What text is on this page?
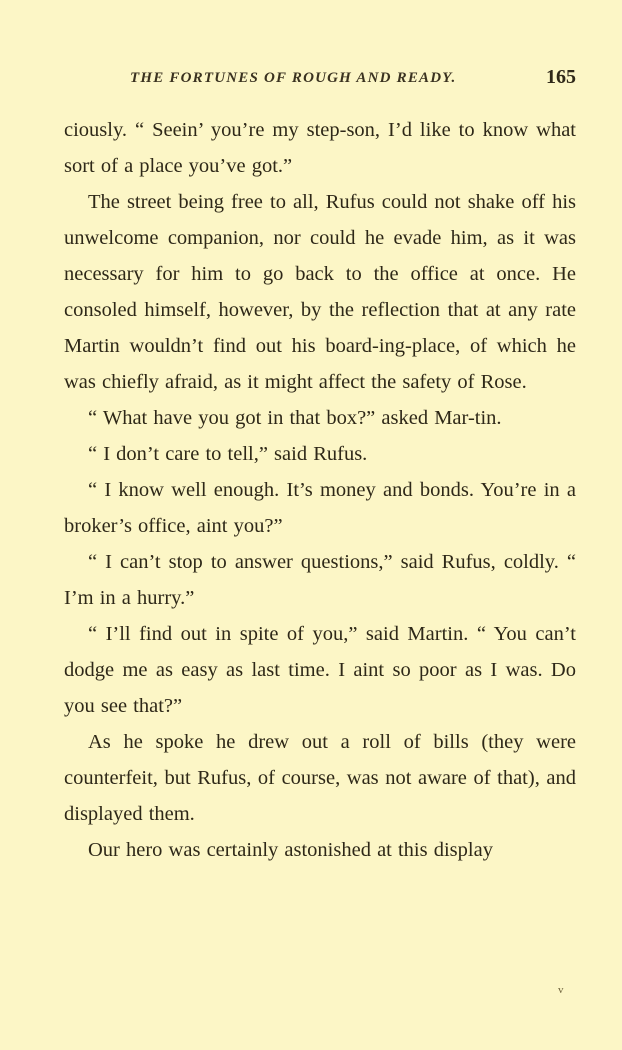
THE FORTUNES OF ROUGH AND READY.	165

ciously. “ Seein’ you’re my step-son, I’d like to know what sort of a place you’ve got.”

The street being free to all, Rufus could not shake off his unwelcome companion, nor could he evade him, as it was necessary for him to go back to the office at once. He consoled himself, however, by the reflection that at any rate Martin wouldn’t find out his board-ing-place, of which he was chiefly afraid, as it might affect the safety of Rose.

“ What have you got in that box?” asked Mar-tin.

“ I don’t care to tell,” said Rufus.

“ I know well enough. It’s money and bonds. You’re in a broker’s office, aint you?”

“ I can’t stop to answer questions,” said Rufus, coldly. “ I’m in a hurry.”

“ I’ll find out in spite of you,” said Martin. “ You can’t dodge me as easy as last time. I aint so poor as I was. Do you see that?”

As he spoke he drew out a roll of bills (they were counterfeit, but Rufus, of course, was not aware of that), and displayed them.

Our hero was certainly astonished at this display

v
